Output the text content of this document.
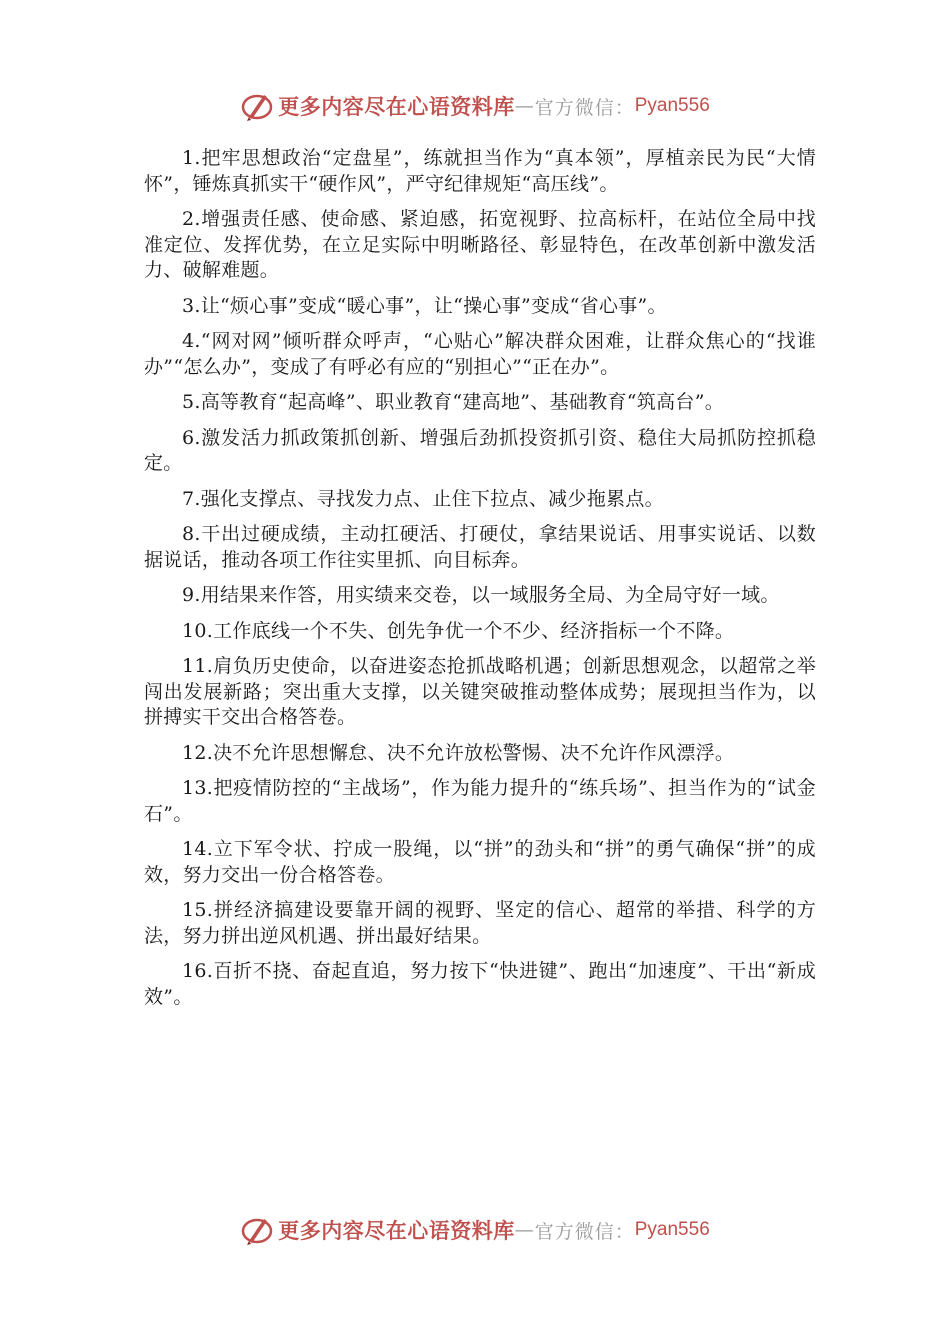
更多内容尽在心语资料库 — 官方微信： Pyan556

1.把牢思想政治“定盘星”，练就担当作为“真本领”，厚植亲民为民“大情怀”，锤炼真抓实干“硬作风”，严守纪律规矩“高压线”。

2.增强责任感、使命感、紧迫感，拓宽视野、拉高标杆，在站位全局中找准定位、发挥优势，在立足实际中明晰路径、彰显特色，在改革创新中激发活力、破解难题。

3.让“烦心事”变成“暖心事”，让“操心事”变成“省心事”。

4.“网对网”倾听群众呼声，“心贴心”解决群众困难，让群众焦心的“找谁办”“怎么办”，变成了有呼必有应的“别担心”“正在办”。

5.高等教育“起高峰”、职业教育“建高地”、基础教育“筑高台”。

6.激发活力抓政策抓创新、增强后劲抓投资抓引资、稳住大局抓防控抓稳定。

7.强化支撑点、寻找发力点、止住下拉点、减少拖累点。

8.干出过硬成绩，主动扛硬活、打硬仗，拿结果说话、用事实说话、以数据说话，推动各项工作往实里抓、向目标奔。

9.用结果来作答，用实绩来交卷，以一域服务全局、为全局守好一域。

10.工作底线一个不失、创先争优一个不少、经济指标一个不降。

11.肩负历史使命，以奋进姿态抢抓战略机遇；创新思想观念，以超常之举闯出发展新路；突出重大支撑，以关键突破推动整体成势；展现担当作为，以拼搏实干交出合格答卷。

12.决不允许思想懈怠、决不允许放松警惕、决不允许作风漂浮。

13.把疫情防控的“主战场”，作为能力提升的“练兵场”、担当作为的“试金石”。

14.立下军令状、拧成一股绳，以“拼”的劲头和“拼”的勇气确保“拼”的成效，努力交出一份合格答卷。

15.拼经济搞建设要靠开阔的视野、坚定的信心、超常的举措、科学的方法，努力拼出逆风机遇、拼出最好结果。

16.百折不挠、奋起直追，努力按下“快进键”、跑出“加速度”、干出“新成效”。

更多内容尽在心语资料库 — 官方微信： Pyan556
